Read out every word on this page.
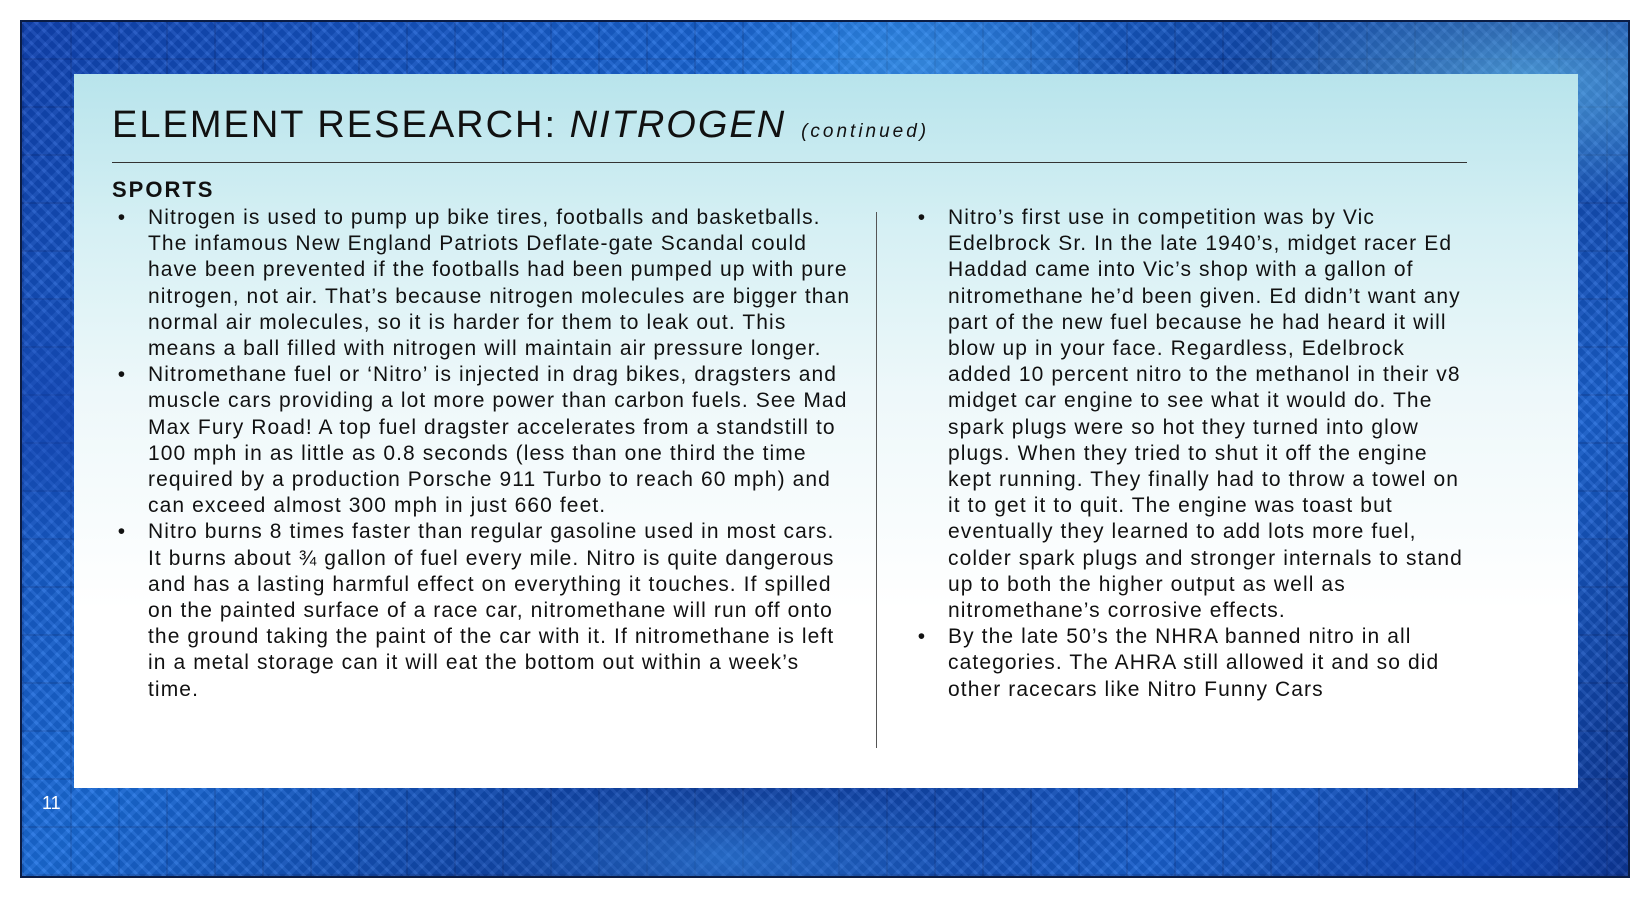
ELEMENT RESEARCH: NITROGEN (continued)
SPORTS
• Nitrogen is used to pump up bike tires, footballs and basketballs. The infamous New England Patriots Deflate-gate Scandal could have been prevented if the footballs had been pumped up with pure nitrogen, not air. That’s because nitrogen molecules are bigger than normal air molecules, so it is harder for them to leak out. This means a ball filled with nitrogen will maintain air pressure longer.
• Nitromethane fuel or ‘Nitro’ is injected in drag bikes, dragsters and muscle cars providing a lot more power than carbon fuels. See Mad Max Fury Road! A top fuel dragster accelerates from a standstill to 100 mph in as little as 0.8 seconds (less than one third the time required by a production Porsche 911 Turbo to reach 60 mph) and can exceed almost 300 mph in just 660 feet.
• Nitro burns 8 times faster than regular gasoline used in most cars. It burns about ¾ gallon of fuel every mile. Nitro is quite dangerous and has a lasting harmful effect on everything it touches. If spilled on the painted surface of a race car, nitromethane will run off onto the ground taking the paint of the car with it. If nitromethane is left in a metal storage can it will eat the bottom out within a week’s time.
• Nitro’s first use in competition was by Vic Edelbrock Sr. In the late 1940’s, midget racer Ed Haddad came into Vic’s shop with a gallon of nitromethane he’d been given. Ed didn’t want any part of the new fuel because he had heard it will blow up in your face. Regardless, Edelbrock added 10 percent nitro to the methanol in their v8 midget car engine to see what it would do. The spark plugs were so hot they turned into glow plugs. When they tried to shut it off the engine kept running. They finally had to throw a towel on it to get it to quit. The engine was toast but eventually they learned to add lots more fuel, colder spark plugs and stronger internals to stand up to both the higher output as well as nitromethane’s corrosive effects.
• By the late 50’s the NHRA banned nitro in all categories. The AHRA still allowed it and so did other racecars like Nitro Funny Cars
11
